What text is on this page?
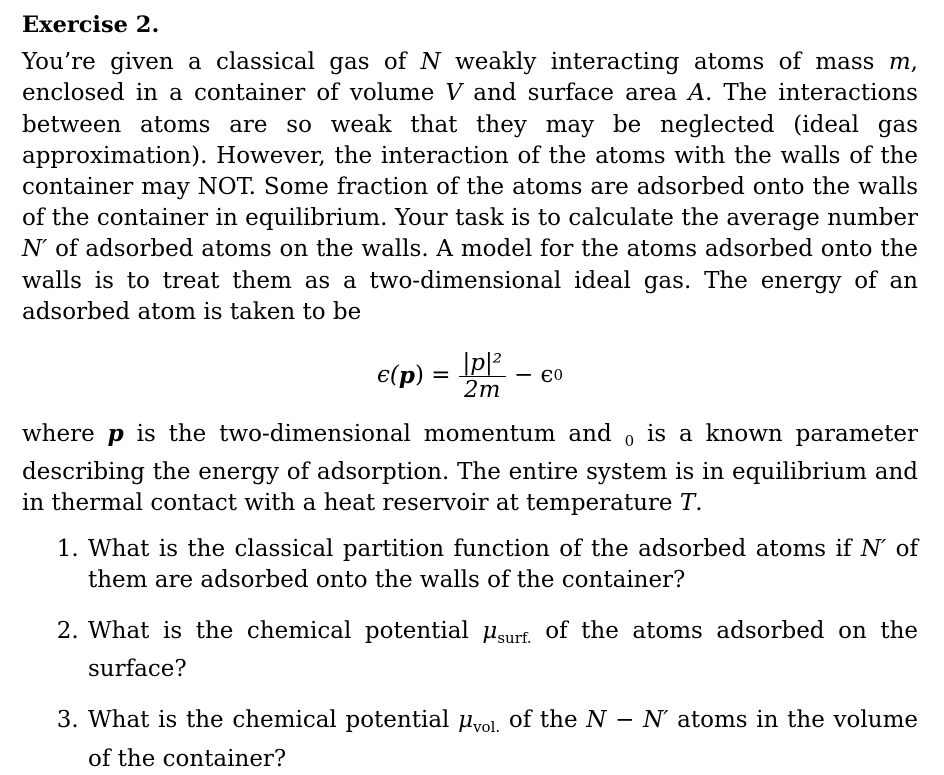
Exercise 2.

You’re given a classical gas of N weakly interacting atoms of mass m, enclosed in a container of volume V and surface area A. The interactions between atoms are so weak that they may be neglected (ideal gas approximation). However, the interaction of the atoms with the walls of the container may NOT. Some fraction of the atoms are adsorbed onto the walls of the container in equilibrium. Your task is to calculate the average number N′ of adsorbed atoms on the walls. A model for the atoms adsorbed onto the walls is to treat them as a two-dimensional ideal gas. The energy of an adsorbed atom is taken to be

ϵ( p ) = $\frac{\text{|p|²}}{2m} - \epsilon$ 0

where p is the two-dimensional momentum and $_0$ is a known parameter describing the energy of adsorption. The entire system is in equilibrium and in thermal contact with a heat reservoir at temperature T.

1. What is the classical partition function of the adsorbed atoms if N′ of them are adsorbed onto the walls of the container?
2. What is the chemical potential $\mu_{surf.}$ of the atoms adsorbed on the surface?
3. What is the chemical potential $\mu_{vol.}$ of the N − N′ atoms in the volume of the container?
